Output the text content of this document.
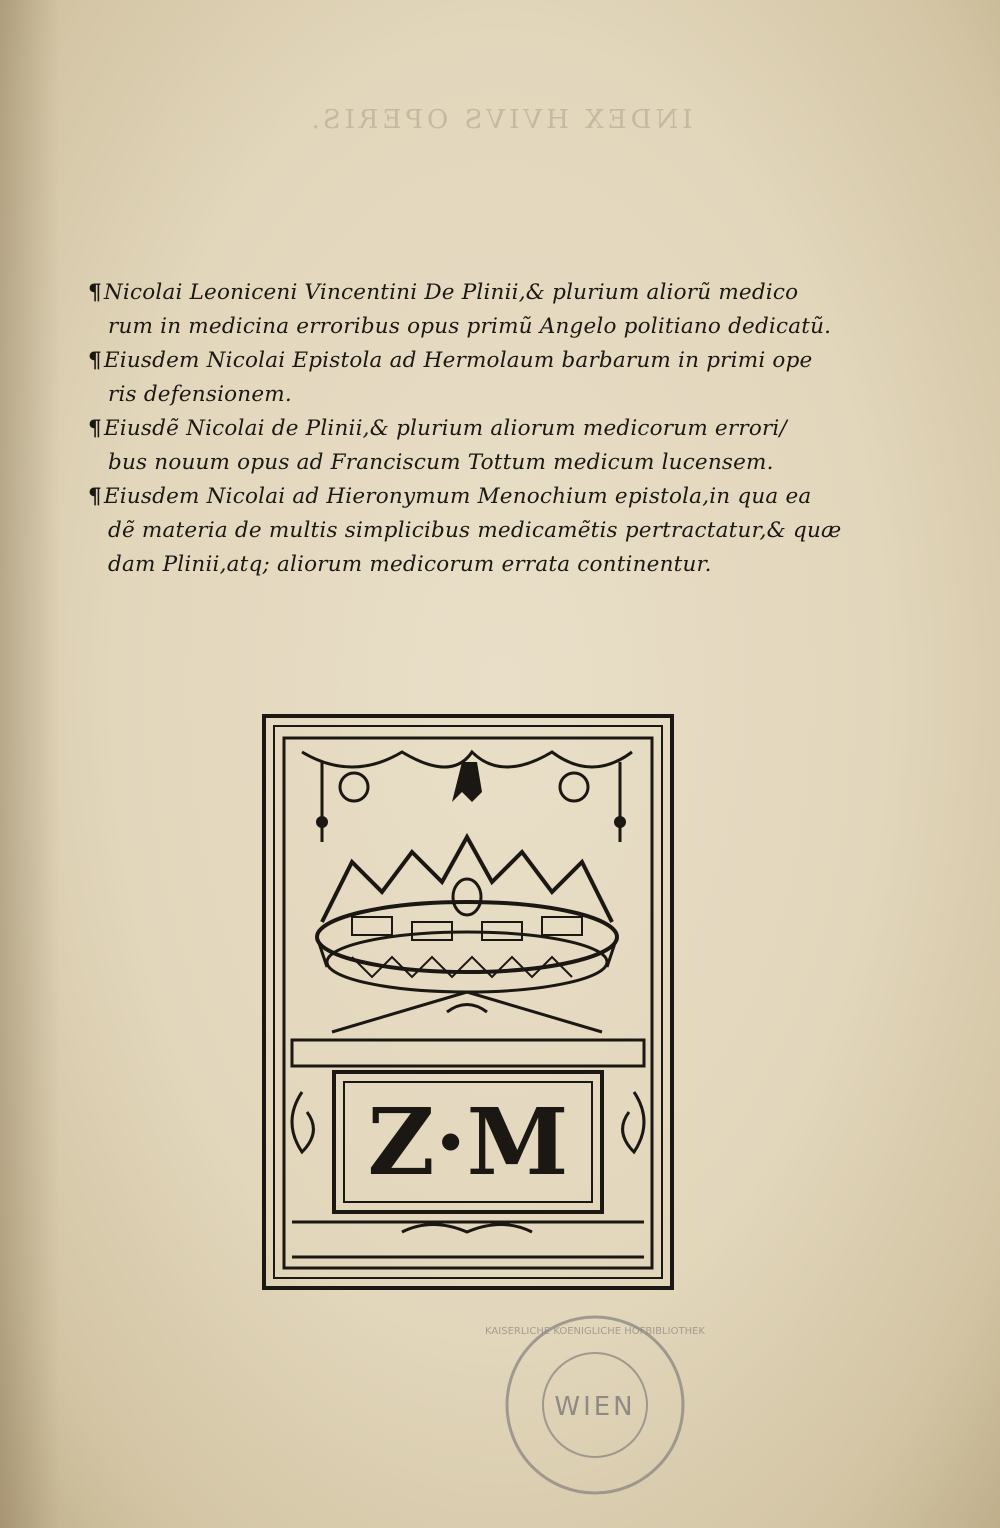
INDEX HVIVS OPERIS.
¶Nicolai Leoniceni Vincentini De Plinii,& plurium aliorũ medico
rum in medicina erroribus opus primũ Angelo politiano dedicatũ.
¶Eiusdem Nicolai Epistola ad Hermolaum barbarum in primi ope
ris defensionem.
¶Eiusdẽ Nicolai de Plinii,& plurium aliorum medicorum errori/
bus nouum opus ad Franciscum Tottum medicum lucensem.
¶Eiusdem Nicolai ad Hieronymum Menochium epistola,in qua ea
dẽ materia de multis simplicibus medicamẽtis pertractatur,& quæ
dam Plinii,atq; aliorum medicorum errata continentur.
Z·M
WIEN
KAISERLICHE KOENIGLICHE HOFBIBLIOTHEK
